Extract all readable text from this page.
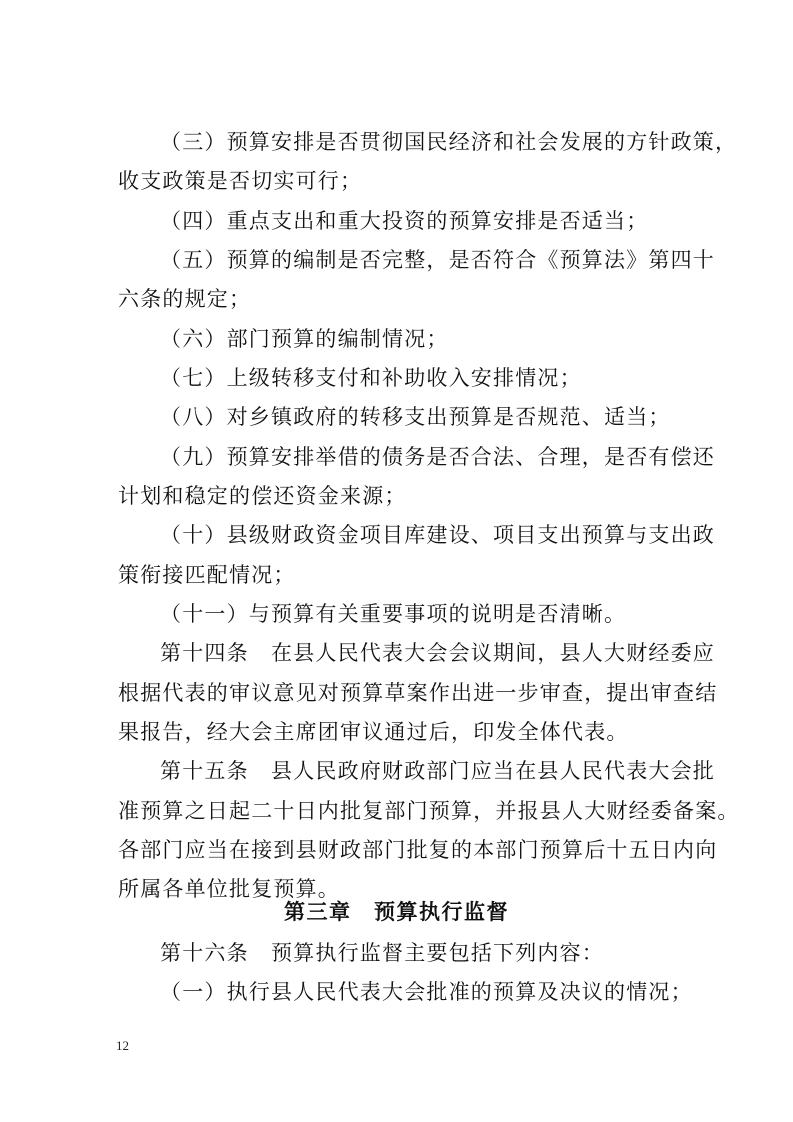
（三）预算安排是否贯彻国民经济和社会发展的方针政策，
收支政策是否切实可行；
（四）重点支出和重大投资的预算安排是否适当；
（五）预算的编制是否完整，是否符合《预算法》第四十
六条的规定；
（六）部门预算的编制情况；
（七）上级转移支付和补助收入安排情况；
（八）对乡镇政府的转移支出预算是否规范、适当；
（九）预算安排举借的债务是否合法、合理，是否有偿还
计划和稳定的偿还资金来源；
（十）县级财政资金项目库建设、项目支出预算与支出政
策衔接匹配情况；
（十一）与预算有关重要事项的说明是否清晰。
第十四条　在县人民代表大会会议期间，县人大财经委应
根据代表的审议意见对预算草案作出进一步审查，提出审查结
果报告，经大会主席团审议通过后，印发全体代表。
第十五条　县人民政府财政部门应当在县人民代表大会批
准预算之日起二十日内批复部门预算，并报县人大财经委备案。
各部门应当在接到县财政部门批复的本部门预算后十五日内向
所属各单位批复预算。
第三章　预算执行监督
第十六条　预算执行监督主要包括下列内容：
（一）执行县人民代表大会批准的预算及决议的情况；
12
